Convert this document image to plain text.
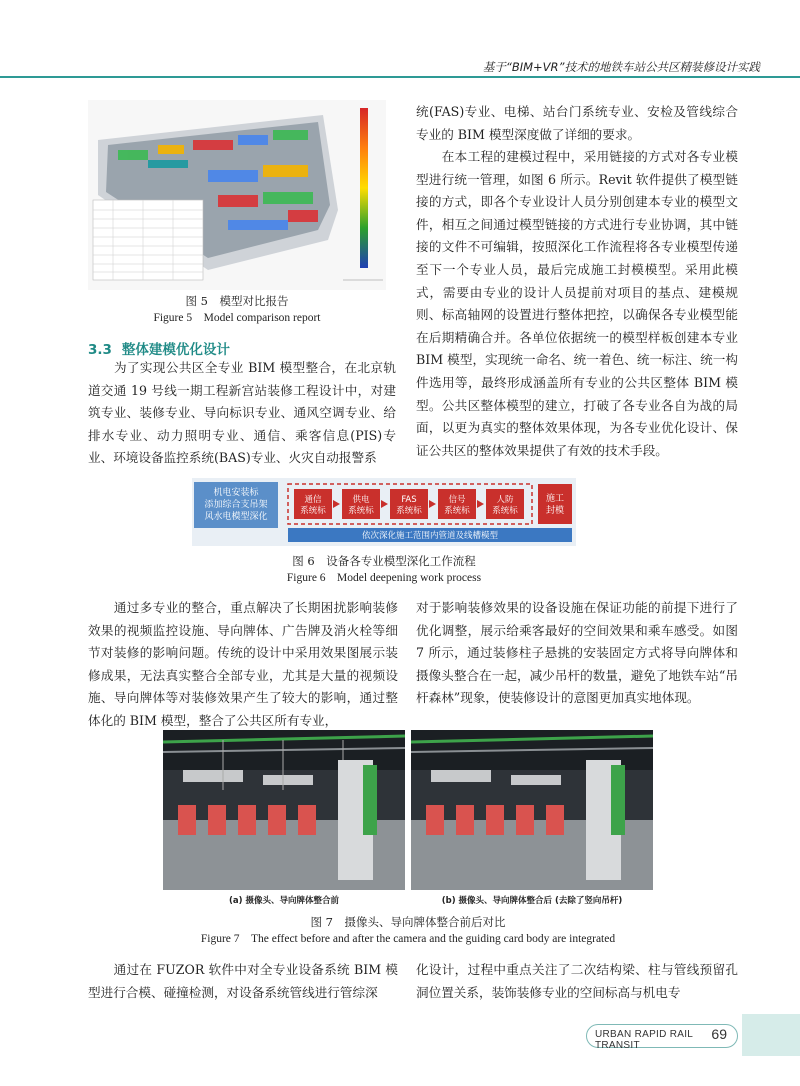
基于“BIM+VR”技术的地铁车站公共区精装修设计实践
图 5　模型对比报告
Figure 5　Model comparison report
3.3 整体建模优化设计

　　为了实现公共区全专业 BIM 模型整合，在北京轨道交通 19 号线一期工程新宫站装修工程设计中，对建筑专业、装修专业、导向标识专业、通风空调专业、给排水专业、动力照明专业、通信、乘客信息(PIS)专业、环境设备监控系统(BAS)专业、火灾自动报警系

统(FAS)专业、电梯、站台门系统专业、安检及管线综合专业的 BIM 模型深度做了详细的要求。

　　在本工程的建模过程中，采用链接的方式对各专业模型进行统一管理，如图 6 所示。Revit 软件提供了模型链接的方式，即各个专业设计人员分别创建本专业的模型文件，相互之间通过模型链接的方式进行专业协调，其中链接的文件不可编辑，按照深化工作流程将各专业模型传递至下一个专业人员，最后完成施工封模模型。采用此模式，需要由专业的设计人员提前对项目的基点、建模规则、标高轴网的设置进行整体把控，以确保各专业模型能在后期精确合并。各单位依据统一的模型样板创建本专业 BIM 模型，实现统一命名、统一着色、统一标注、统一构件选用等，最终形成涵盖所有专业的公共区整体 BIM 模型。公共区整体模型的建立，打破了各专业各自为战的局面，以更为真实的整体效果体现，为各专业优化设计、保证公共区的整体效果提供了有效的技术手段。

机电安装标
添加综合支吊架
风水电模型深化
通信
系统标
供电
系统标
FAS
系统标
信号
系统标
人防
系统标
施工
封模
依次深化施工范围内管道及线槽模型
图 6　设备各专业模型深化工作流程
Figure 6　Model deepening work process

　　通过多专业的整合，重点解决了长期困扰影响装修效果的视频监控设施、导向牌体、广告牌及消火栓等细节对装修的影响问题。传统的设计中采用效果图展示装修成果，无法真实整合全部专业，尤其是大量的视频设施、导向牌体等对装修效果产生了较大的影响，通过整体化的 BIM 模型，整合了公共区所有专业，

对于影响装修效果的设备设施在保证功能的前提下进行了优化调整，展示给乘客最好的空间效果和乘车感受。如图 7 所示，通过装修柱子悬挑的安装固定方式将导向牌体和摄像头整合在一起，减少吊杆的数量，避免了地铁车站“吊杆森林”现象，使装修设计的意图更加真实地体现。

(a) 摄像头、导向牌体整合前	(b) 摄像头、导向牌体整合后 (去除了竖向吊杆)
图 7　摄像头、导向牌体整合前后对比
Figure 7　The effect before and after the camera and the guiding card body are integrated

　　通过在 FUZOR 软件中对全专业设备系统 BIM 模型进行合模、碰撞检测，对设备系统管线进行管综深

化设计，过程中重点关注了二次结构梁、柱与管线预留孔洞位置关系，装饰装修专业的空间标高与机电专

URBAN RAPID RAIL TRANSIT
69
